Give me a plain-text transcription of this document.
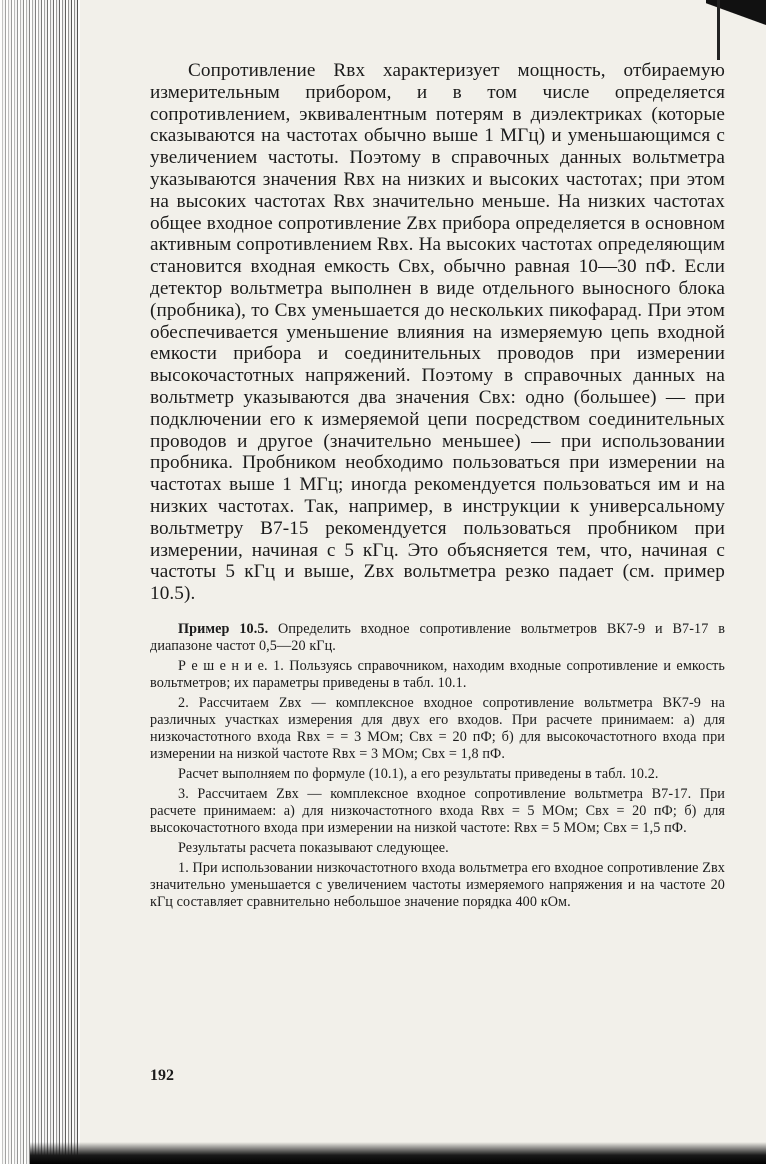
Сопротивление Rвх характеризует мощность, отбираемую измерительным прибором, и в том числе определяется сопротивлением, эквивалентным потерям в диэлектриках (которые сказываются на частотах обычно выше 1 МГц) и уменьшающимся с увеличением частоты. Поэтому в справочных данных вольтметра указываются значения Rвх на низких и высоких частотах; при этом на высоких частотах Rвх значительно меньше. На низких частотах общее входное сопротивление Zвх прибора определяется в основном активным сопротивлением Rвх. На высоких частотах определяющим становится входная емкость Свх, обычно равная 10—30 пФ. Если детектор вольтметра выполнен в виде отдельного выносного блока (пробника), то Свх уменьшается до нескольких пикофарад. При этом обеспечивается уменьшение влияния на измеряемую цепь входной емкости прибора и соединительных проводов при измерении высокочастотных напряжений. Поэтому в справочных данных на вольтметр указываются два значения Свх: одно (большее) — при подключении его к измеряемой цепи посредством соединительных проводов и другое (значительно меньшее) — при использовании пробника. Пробником необходимо пользоваться при измерении на частотах выше 1 МГц; иногда рекомендуется пользоваться им и на низких частотах. Так, например, в инструкции к универсальному вольтметру В7-15 рекомендуется пользоваться пробником при измерении, начиная с 5 кГц. Это объясняется тем, что, начиная с частоты 5 кГц и выше, Zвх вольтметра резко падает (см. пример 10.5).

Пример 10.5. Определить входное сопротивление вольтметров ВК7-9 и В7-17 в диапазоне частот 0,5—20 кГц.

Р е ш е н и е. 1. Пользуясь справочником, находим входные сопротивление и емкость вольтметров; их параметры приведены в табл. 10.1.

2. Рассчитаем Zвх — комплексное входное сопротивление вольтметра ВК7-9 на различных участках измерения для двух его входов. При расчете принимаем: а) для низкочастотного входа Rвх = = 3 МОм; Свх = 20 пФ; б) для высокочастотного входа при измерении на низкой частоте Rвх = 3 МОм; Свх = 1,8 пФ.

Расчет выполняем по формуле (10.1), а его результаты приведены в табл. 10.2.

3. Рассчитаем Zвх — комплексное входное сопротивление вольтметра В7-17. При расчете принимаем: а) для низкочастотного входа Rвх = 5 МОм; Свх = 20 пФ; б) для высокочастотного входа при измерении на низкой частоте: Rвх = 5 МОм; Свх = 1,5 пФ.

Результаты расчета показывают следующее.

1. При использовании низкочастотного входа вольтметра его входное сопротивление Zвх значительно уменьшается с увеличением частоты измеряемого напряжения и на частоте 20 кГц составляет сравнительно небольшое значение порядка 400 кОм.

192
